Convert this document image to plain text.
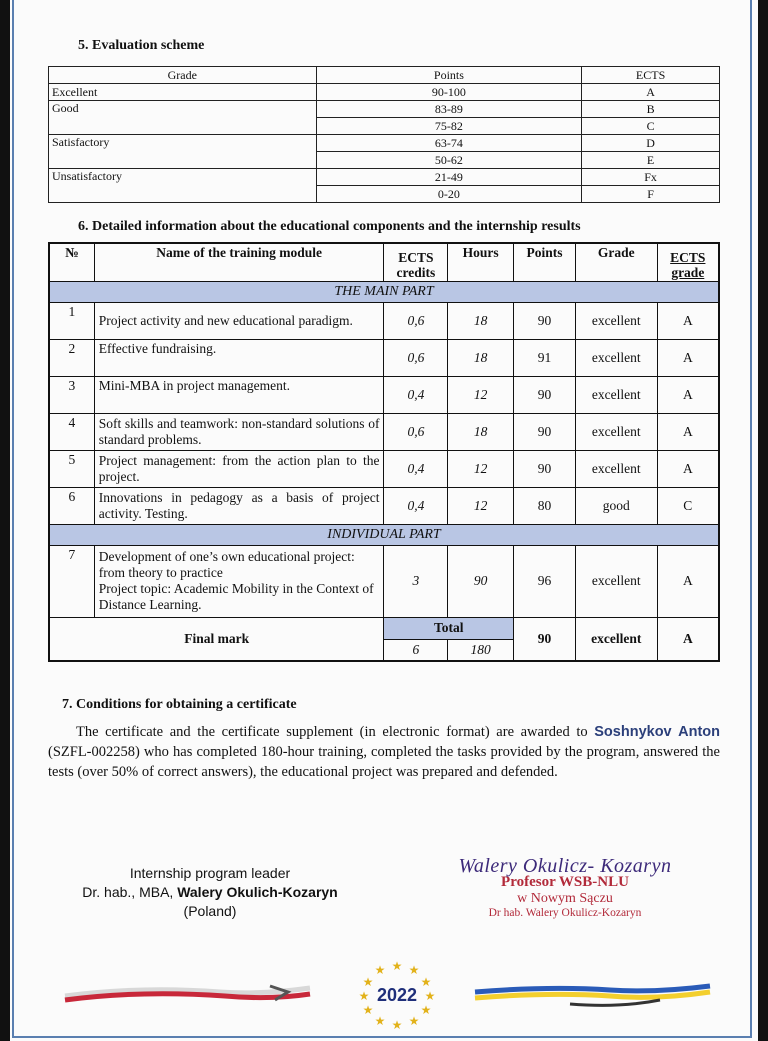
5. Evaluation scheme
Grade	Points	ECTS
Excellent	90-100	A
Good	83-89	B
	75-82	C
Satisfactory	63-74	D
	50-62	E
Unsatisfactory	21-49	Fx
	0-20	F
6. Detailed information about the educational components and the internship results
№	Name of the training module	ECTS credits	Hours	Points	Grade	ECTS grade
THE MAIN PART						
1	Project activity and new educational paradigm.	0,6	18	90	excellent	A
2	Effective fundraising.	0,6	18	91	excellent	A
3	Mini-MBA in project management.	0,4	12	90	excellent	A
4	Soft skills and teamwork: non-standard solutions of standard problems.	0,6	18	90	excellent	A
5	Project management: from the action plan to the project.	0,4	12	90	excellent	A
6	Innovations in pedagogy as a basis of project activity. Testing.	0,4	12	80	good	C
INDIVIDUAL PART						
7	Development of one’s own educational project: from theory to practice
Project topic: Academic Mobility in the Context of Distance Learning.	3	90	96	excellent	A
Final mark		Total		90	excellent	A
		6	180			
7. Conditions for obtaining a certificate

The certificate and the certificate supplement (in electronic format) are awarded to Soshnykov Anton (SZFL-002258) who has completed 180-hour training, completed the tasks provided by the program, answered the tests (over 50% of correct answers), the educational project was prepared and defended.

Internship program leader
Dr. hab., MBA, Walery Okulich-Kozaryn
(Poland)
Walery Okulicz- Kozaryn
Profesor WSB-NLU
w Nowym Sączu
Dr hab. Walery Okulicz-Kozaryn
★ ★
★
★
★
★
★
★
★
★
★
★
2022
